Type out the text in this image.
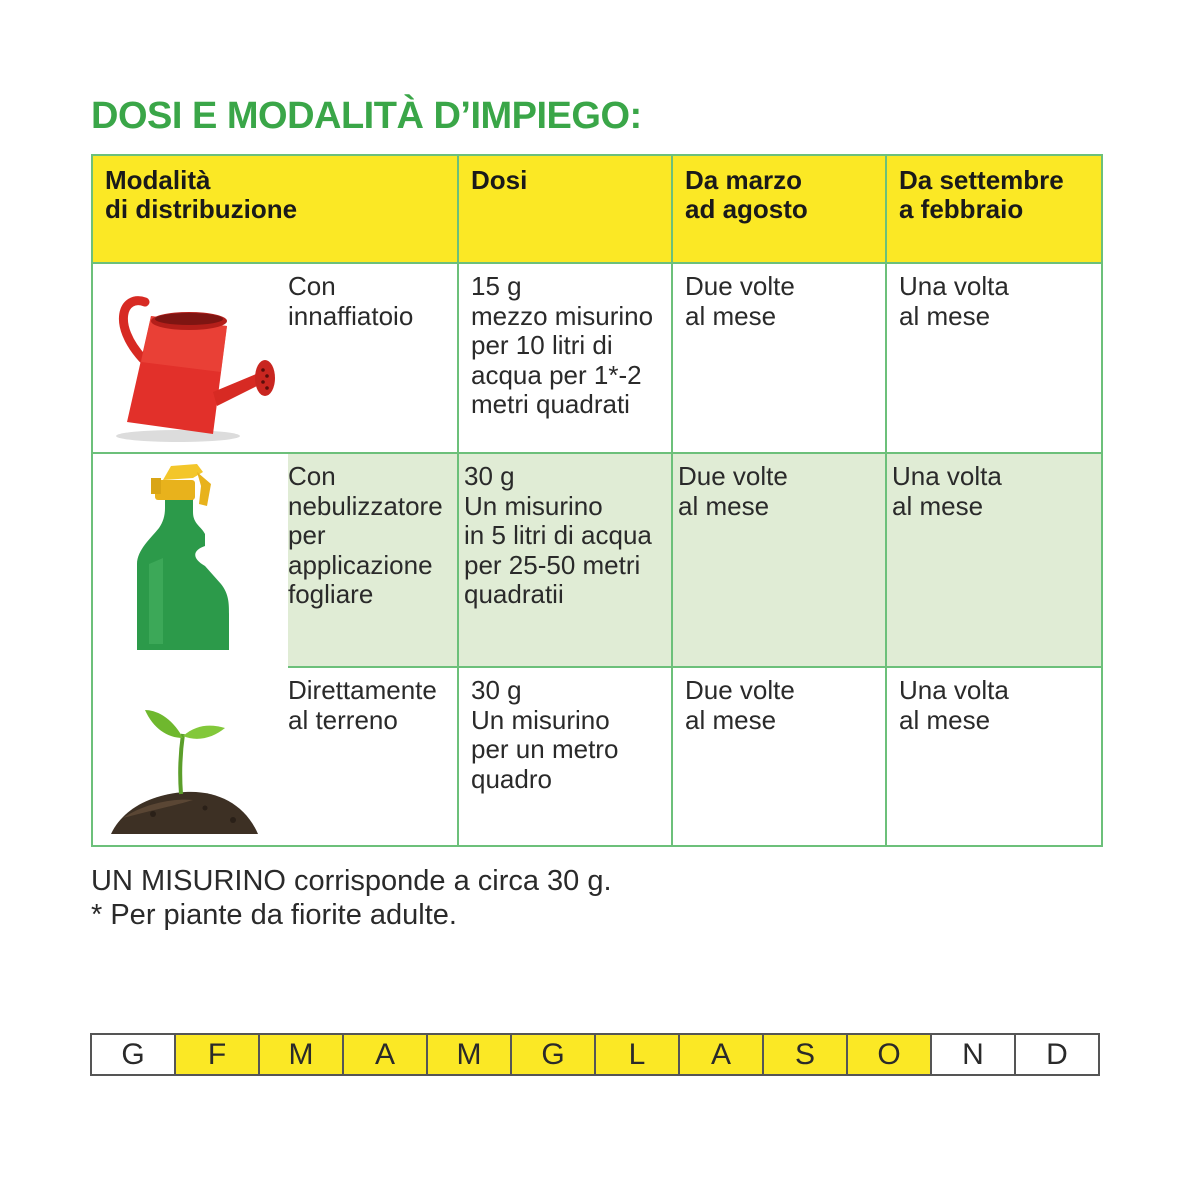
DOSI E MODALITÀ D’IMPIEGO:
Modalità
di distribuzione	Dosi	Da marzo
ad agosto	Da settembre
a febbraio

Con
innaffiatoio	15 g
mezzo misurino
per 10 litri di
acqua per 1*-2
metri quadrati	Due volte
al mese	Una volta
al mese

Con
nebulizzatore
per
applicazione
fogliare	30 g
Un misurino
in 5 litri di acqua
per 25-50 metri
quadratii	Due volte
al mese	Una volta
al mese

Direttamente
al terreno	30 g
Un misurino
per un metro
quadro	Due volte
al mese	Una volta
al mese
UN MISURINO corrisponde a circa 30 g.
* Per piante da fiorite adulte.
G	F	M	A	M	G	L	A	S	O	N	D
